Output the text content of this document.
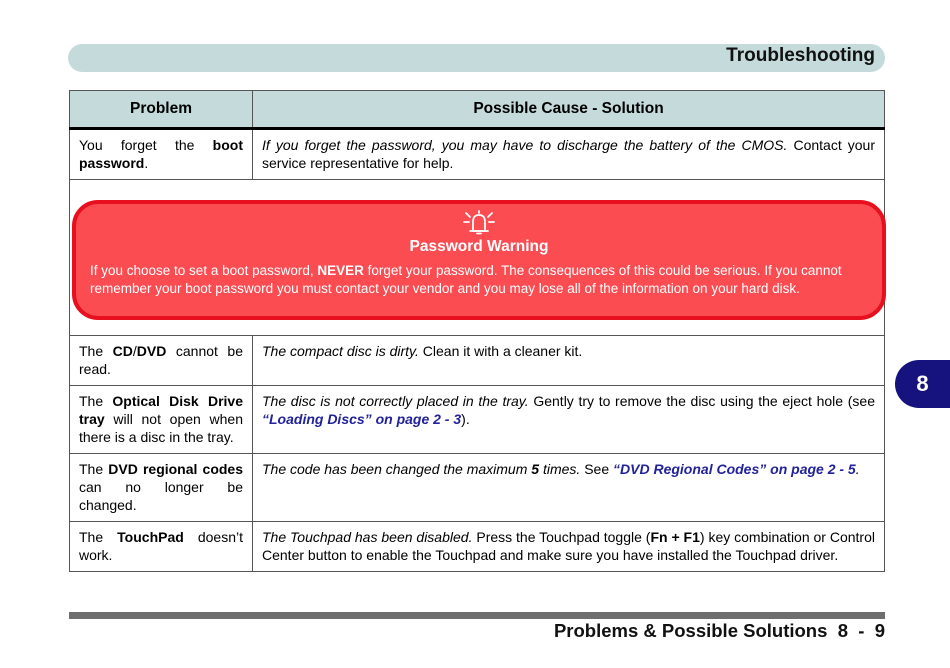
Troubleshooting
Problem	Possible Cause - Solution
You forget the boot password.	If you forget the password, you may have to discharge the battery of the CMOS. Contact your service representative for help.

Password Warning
If you choose to set a boot password, NEVER forget your password. The consequences of this could be serious. If you cannot remember your boot password you must contact your vendor and you may lose all of the information on your hard disk.	

The CD/DVD cannot be read.	The compact disc is dirty. Clean it with a cleaner kit.
The Optical Disk Drive tray will not open when there is a disc in the tray.	The disc is not correctly placed in the tray. Gently try to remove the disc using the eject hole (see “Loading Discs” on page 2 - 3).
The DVD regional codes can no longer be changed.	The code has been changed the maximum 5 times. See “DVD Regional Codes” on page 2 - 5.
The TouchPad doesn’t work.	The Touchpad has been disabled. Press the Touchpad toggle (Fn + F1) key combination or Control Center button to enable the Touchpad and make sure you have installed the Touchpad driver.
8
Problems & Possible Solutions 8  -  9
